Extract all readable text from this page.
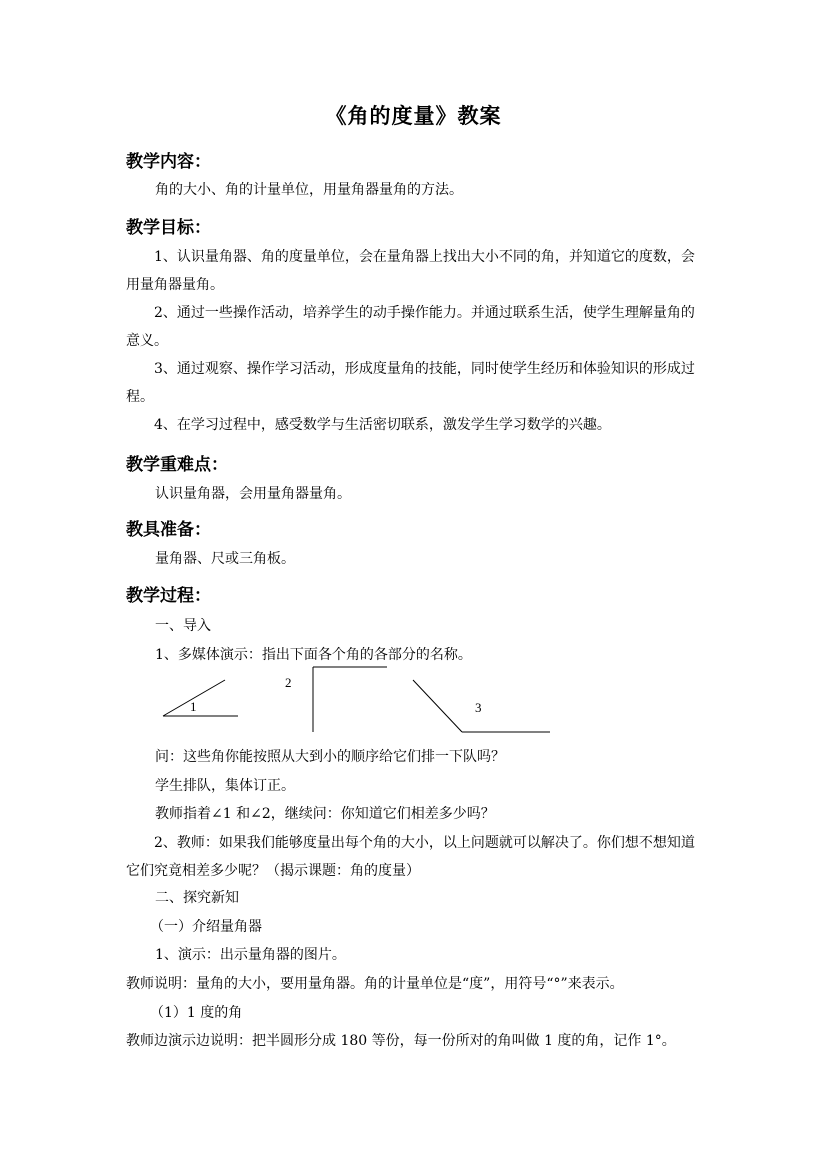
《角的度量》教案
教学内容：
角的大小、角的计量单位，用量角器量角的方法。
教学目标：
1、认识量角器、角的度量单位，会在量角器上找出大小不同的角，并知道它的度数，会用量角器量角。
2、通过一些操作活动，培养学生的动手操作能力。并通过联系生活，使学生理解量角的意义。
3、通过观察、操作学习活动，形成度量角的技能，同时使学生经历和体验知识的形成过程。
4、在学习过程中，感受数学与生活密切联系，激发学生学习数学的兴趣。
教学重难点：
认识量角器，会用量角器量角。
教具准备：
量角器、尺或三角板。
教学过程：
一、导入
1、多媒体演示：指出下面各个角的各部分的名称。
1
2
3
问：这些角你能按照从大到小的顺序给它们排一下队吗？
学生排队，集体订正。
教师指着∠1 和∠2，继续问：你知道它们相差多少吗？
2、教师：如果我们能够度量出每个角的大小，以上问题就可以解决了。你们想不想知道它们究竟相差多少呢？（揭示课题：角的度量）
二、探究新知
（一）介绍量角器
1、演示：出示量角器的图片。
教师说明：量角的大小，要用量角器。角的计量单位是“度”，用符号“°”来表示。
（1）1 度的角
教师边演示边说明：把半圆形分成 180 等份，每一份所对的角叫做 1 度的角，记作 1°。
